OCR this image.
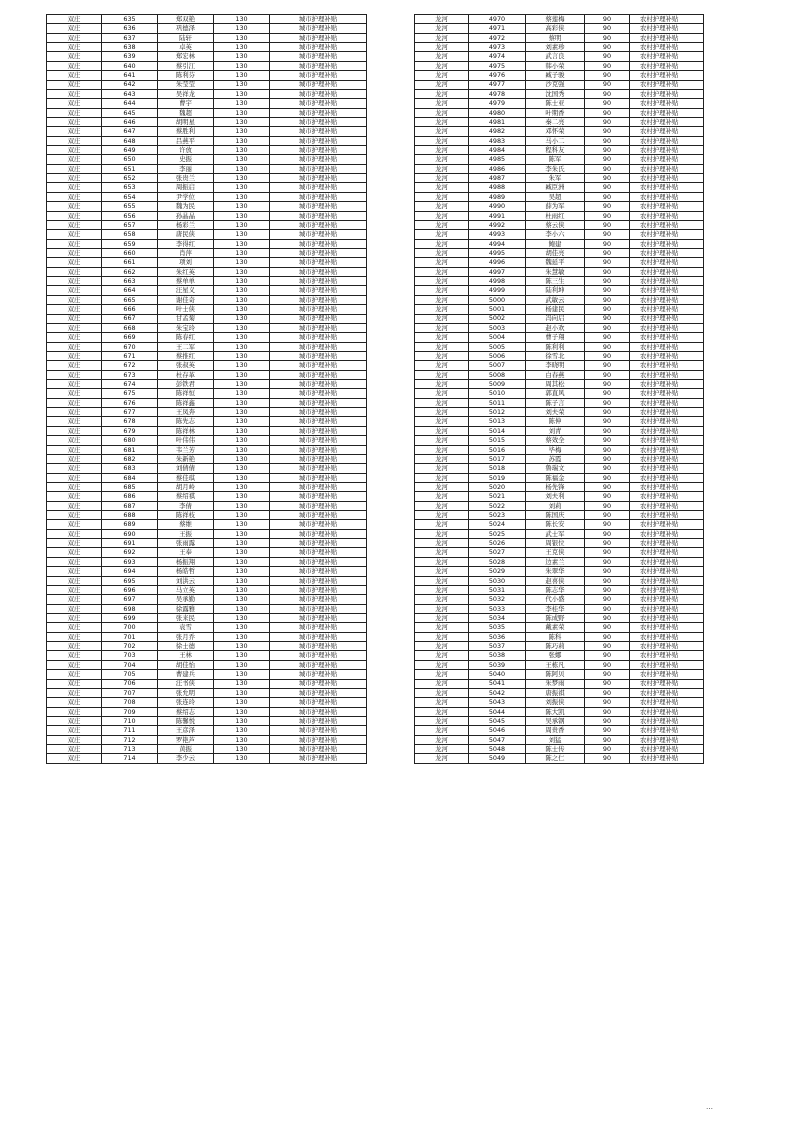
双庄	635	郑双艳	130	城市护理补贴
双庄	636	巩德泽	130	城市护理补贴
双庄	637	陆轩	130	城市护理补贴
双庄	638	卓英	130	城市护理补贴
双庄	639	郑宏林	130	城市护理补贴
双庄	640	蔡引江	130	城市护理补贴
双庄	641	陈利芬	130	城市护理补贴
双庄	642	朱莹莹	130	城市护理补贴
双庄	643	吴祥龙	130	城市护理补贴
双庄	644	曹宇	130	城市护理补贴
双庄	645	魏超	130	城市护理补贴
双庄	646	胡明星	130	城市护理补贴
双庄	647	蔡胜利	130	城市护理补贴
双庄	648	吕燕平	130	城市护理补贴
双庄	649	许放	130	城市护理补贴
双庄	650	史振	130	城市护理补贴
双庄	651	李丽	130	城市护理补贴
双庄	652	张贵兰	130	城市护理补贴
双庄	653	周振启	130	城市护理补贴
双庄	654	尹学位	130	城市护理补贴
双庄	655	魏为民	130	城市护理补贴
双庄	656	孙晶晶	130	城市护理补贴
双庄	657	杨彩兰	130	城市护理补贴
双庄	658	唐民侠	130	城市护理补贴
双庄	659	李得红	130	城市护理补贴
双庄	660	肖萍	130	城市护理补贴
双庄	661	项刘	130	城市护理补贴
双庄	662	朱红英	130	城市护理补贴
双庄	663	蔡单单	130	城市护理补贴
双庄	664	汪星义	130	城市护理补贴
双庄	665	谢佳奇	130	城市护理补贴
双庄	666	叶士侠	130	城市护理补贴
双庄	667	甘孟菊	130	城市护理补贴
双庄	668	朱宝玲	130	城市护理补贴
双庄	669	陈春红	130	城市护理补贴
双庄	670	王二军	130	城市护理补贴
双庄	671	蔡推红	130	城市护理补贴
双庄	672	张叔英	130	城市护理补贴
双庄	673	杜存革	130	城市护理补贴
双庄	674	彭铁君	130	城市护理补贴
双庄	675	陈祥恒	130	城市护理补贴
双庄	676	陈祥鑫	130	城市护理补贴
双庄	677	王凤奔	130	城市护理补贴
双庄	678	陈先志	130	城市护理补贴
双庄	679	陈祥林	130	城市护理补贴
双庄	680	叶伟伟	130	城市护理补贴
双庄	681	韦兰芳	130	城市护理补贴
双庄	682	朱新艳	130	城市护理补贴
双庄	683	刘倩倩	130	城市护理补贴
双庄	684	蔡佳琪	130	城市护理补贴
双庄	685	胡月岭	130	城市护理补贴
双庄	686	蔡绍祺	130	城市护理补贴
双庄	687	李倩	130	城市护理补贴
双庄	688	陈祥枝	130	城市护理补贴
双庄	689	蔡维	130	城市护理补贴
双庄	690	王振	130	城市护理补贴
双庄	691	张雨露	130	城市护理补贴
双庄	692	王奉	130	城市护理补贴
双庄	693	杨振翔	130	城市护理补贴
双庄	694	杨皓哲	130	城市护理补贴
双庄	695	刘洪云	130	城市护理补贴
双庄	696	马立英	130	城市护理补贴
双庄	697	吴承勤	130	城市护理补贴
双庄	698	徐露雅	130	城市护理补贴
双庄	699	张来民	130	城市护理补贴
双庄	700	袁雪	130	城市护理补贴
双庄	701	张月乔	130	城市护理补贴
双庄	702	徐士德	130	城市护理补贴
双庄	703	王林	130	城市护理补贴
双庄	704	胡佳怡	130	城市护理补贴
双庄	705	曹建兵	130	城市护理补贴
双庄	706	汪书侠	130	城市护理补贴
双庄	707	张允明	130	城市护理补贴
双庄	708	张连玲	130	城市护理补贴
双庄	709	蔡绍志	130	城市护理补贴
双庄	710	陈馨悦	130	城市护理补贴
双庄	711	王彦泽	130	城市护理补贴
双庄	712	罗艳芦	130	城市护理补贴
双庄	713	黄振	130	城市护理补贴
双庄	714	李少云	130	城市护理补贴
龙河	4970	蔡莲梅	90	农村护理补贴
龙河	4971	高彩侠	90	农村护理补贴
龙河	4972	蔡明	90	农村护理补贴
龙河	4973	刘素珍	90	农村护理补贴
龙河	4974	武言良	90	农村护理补贴
龙河	4975	韩小荣	90	农村护理补贴
龙河	4976	臧子骏	90	农村护理补贴
龙河	4977	沙克强	90	农村护理补贴
龙河	4978	沈国秀	90	农村护理补贴
龙河	4979	陈士亚	90	农村护理补贴
龙河	4980	叶期香	90	农村护理补贴
龙河	4981	秦二亮	90	农村护理补贴
龙河	4982	邓怀荣	90	农村护理补贴
龙河	4983	马小二	90	农村护理补贴
龙河	4984	程科友	90	农村护理补贴
龙河	4985	陈军	90	农村护理补贴
龙河	4986	李朱氏	90	农村护理补贴
龙河	4987	朱军	90	农村护理补贴
龙河	4988	臧臣洲	90	农村护理补贴
龙河	4989	吴超	90	农村护理补贴
龙河	4990	薛为军	90	农村护理补贴
龙河	4991	杜雨红	90	农村护理补贴
龙河	4992	蔡云侠	90	农村护理补贴
龙河	4993	李小六	90	农村护理补贴
龙河	4994	鲍建	90	农村护理补贴
龙河	4995	胡佳亮	90	农村护理补贴
龙河	4996	魏延平	90	农村护理补贴
龙河	4997	朱慧敏	90	农村护理补贴
龙河	4998	陈三生	90	农村护理补贴
龙河	4999	陆利坤	90	农村护理补贴
龙河	5000	武敏云	90	农村护理补贴
龙河	5001	杨建民	90	农村护理补贴
龙河	5002	冯向启	90	农村护理补贴
龙河	5003	赵小欢	90	农村护理补贴
龙河	5004	曹子翔	90	农村护理补贴
龙河	5005	陈利利	90	农村护理补贴
龙河	5006	徐雪北	90	农村护理补贴
龙河	5007	李晓明	90	农村护理补贴
龙河	5008	白春燕	90	农村护理补贴
龙河	5009	周其松	90	农村护理补贴
龙河	5010	郭直风	90	农村护理补贴
龙河	5011	陈子言	90	农村护理补贴
龙河	5012	刘夫荣	90	农村护理补贴
龙河	5013	陈伸	90	农村护理补贴
龙河	5014	刘青	90	农村护理补贴
龙河	5015	蔡效全	90	农村护理补贴
龙河	5016	毕梅	90	农村护理补贴
龙河	5017	苏霞	90	农村护理补贴
龙河	5018	鲁瑞文	90	农村护理补贴
龙河	5019	陈福金	90	农村护理补贴
龙河	5020	杨先锋	90	农村护理补贴
龙河	5021	刘夫利	90	农村护理补贴
龙河	5022	刘莉	90	农村护理补贴
龙河	5023	陈国庆	90	农村护理补贴
龙河	5024	陈长安	90	农村护理补贴
龙河	5025	武士军	90	农村护理补贴
龙河	5026	周银位	90	农村护理补贴
龙河	5027	王克侠	90	农村护理补贴
龙河	5028	边素兰	90	农村护理补贴
龙河	5029	朱翠华	90	农村护理补贴
龙河	5030	赵喜侠	90	农村护理补贴
龙河	5031	陈志华	90	农村护理补贴
龙河	5032	代小盛	90	农村护理补贴
龙河	5033	李桂华	90	农村护理补贴
龙河	5034	陈成野	90	农村护理补贴
龙河	5035	戴素荣	90	农村护理补贴
龙河	5036	陈科	90	农村护理补贴
龙河	5037	陈巧莉	90	农村护理补贴
龙河	5038	张娜	90	农村护理补贴
龙河	5039	王栋凡	90	农村护理补贴
龙河	5040	陈阿贝	90	农村护理补贴
龙河	5041	朱梦雨	90	农村护理补贴
龙河	5042	唐振祺	90	农村护理补贴
龙河	5043	刘振侠	90	农村护理补贴
龙河	5044	陈大凯	90	农村护理补贴
龙河	5045	吴承钢	90	农村护理补贴
龙河	5046	周贵香	90	农村护理补贴
龙河	5047	刘猛	90	农村护理补贴
龙河	5048	陈士传	90	农村护理补贴
龙河	5049	陈之仁	90	农村护理补贴
…
